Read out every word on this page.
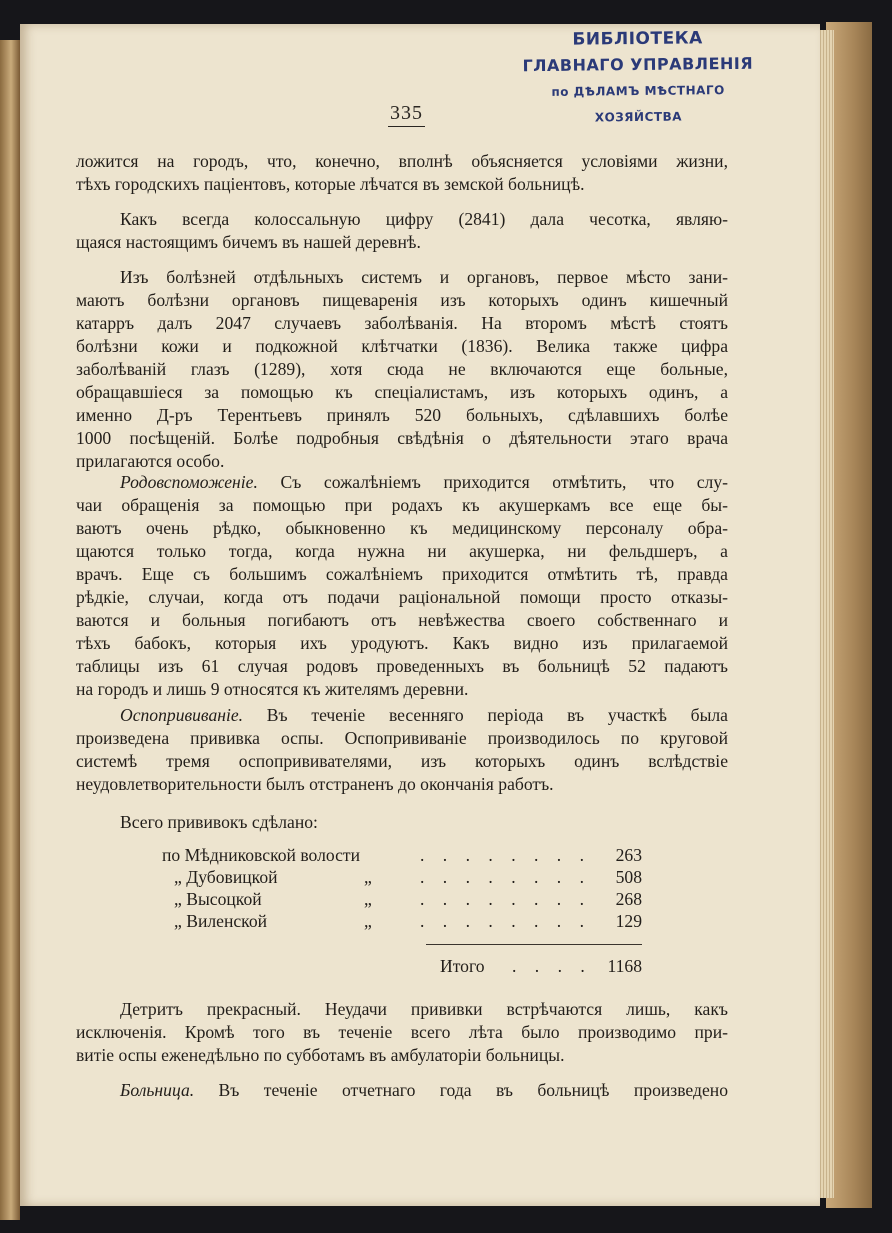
БИБЛІОТЕКА
ГЛАВНАГО УПРАВЛЕНІЯ
по ДѢЛАМЪ МѢСТНАГО ХОЗЯЙСТВА
335
ложится на городъ, что, конечно, вполнѣ объясняется условіями жизни,
тѣхъ городскихъ паціентовъ, которые лѣчатся въ земской больницѣ.
Какъ всегда колоссальную цифру (2841) дала чесотка, являю-
щаяся настоящимъ бичемъ въ нашей деревнѣ.
Изъ болѣзней отдѣльныхъ системъ и органовъ, первое мѣсто зани-
маютъ болѣзни органовъ пищеваренія изъ которыхъ одинъ кишечный
катарръ далъ 2047 случаевъ заболѣванія. На второмъ мѣстѣ стоятъ
болѣзни кожи и подкожной клѣтчатки (1836). Велика также цифра
заболѣваній глазъ (1289), хотя сюда не включаются еще больные,
обращавшіеся за помощью къ спеціалистамъ, изъ которыхъ одинъ, а
именно Д-ръ Терентьевъ принялъ 520 больныхъ, сдѣлавшихъ болѣе
1000 посѣщеній. Болѣе подробныя свѣдѣнія о дѣятельности этаго врача
прилагаются особо.
Родовспоможеніе. Съ сожалѣніемъ приходится отмѣтить, что слу-
чаи обращенія за помощью при родахъ къ акушеркамъ все еще бы-
ваютъ очень рѣдко, обыкновенно къ медицинскому персоналу обра-
щаются только тогда, когда нужна ни акушерка, ни фельдшеръ, а
врачъ. Еще съ большимъ сожалѣніемъ приходится отмѣтить тѣ, правда
рѣдкіе, случаи, когда отъ подачи раціональной помощи просто отказы-
ваются и больныя погибаютъ отъ невѣжества своего собственнаго и
тѣхъ бабокъ, которыя ихъ уродуютъ. Какъ видно изъ прилагаемой
таблицы изъ 61 случая родовъ проведенныхъ въ больницѣ 52 падаютъ
на городъ и лишь 9 относятся къ жителямъ деревни.
Оспопрививаніе. Въ теченіе весенняго періода въ участкѣ была
произведена прививка оспы. Оспопрививаніе производилось по круговой
системѣ тремя оспопрививателями, изъ которыхъ одинъ вслѣдствіе
неудовлетворительности былъ отстраненъ до окончанія работъ.
Всего прививокъ сдѣлано:
по Мѣдниковской волости	. . . . . . . . 263
„ Дубовицкой	„	. . . . . . . . 508
„ Высоцкой	„	. . . . . . . . 268
„ Виленской	„	. . . . . . . . 129
Итого . . . . 1168
Детритъ прекрасный. Неудачи прививки встрѣчаются лишь, какъ
исключенія. Кромѣ того въ теченіе всего лѣта было производимо при-
витіе оспы еженедѣльно по субботамъ въ амбулаторіи больницы.
Больница. Въ теченіе отчетнаго года въ больницѣ произведено
